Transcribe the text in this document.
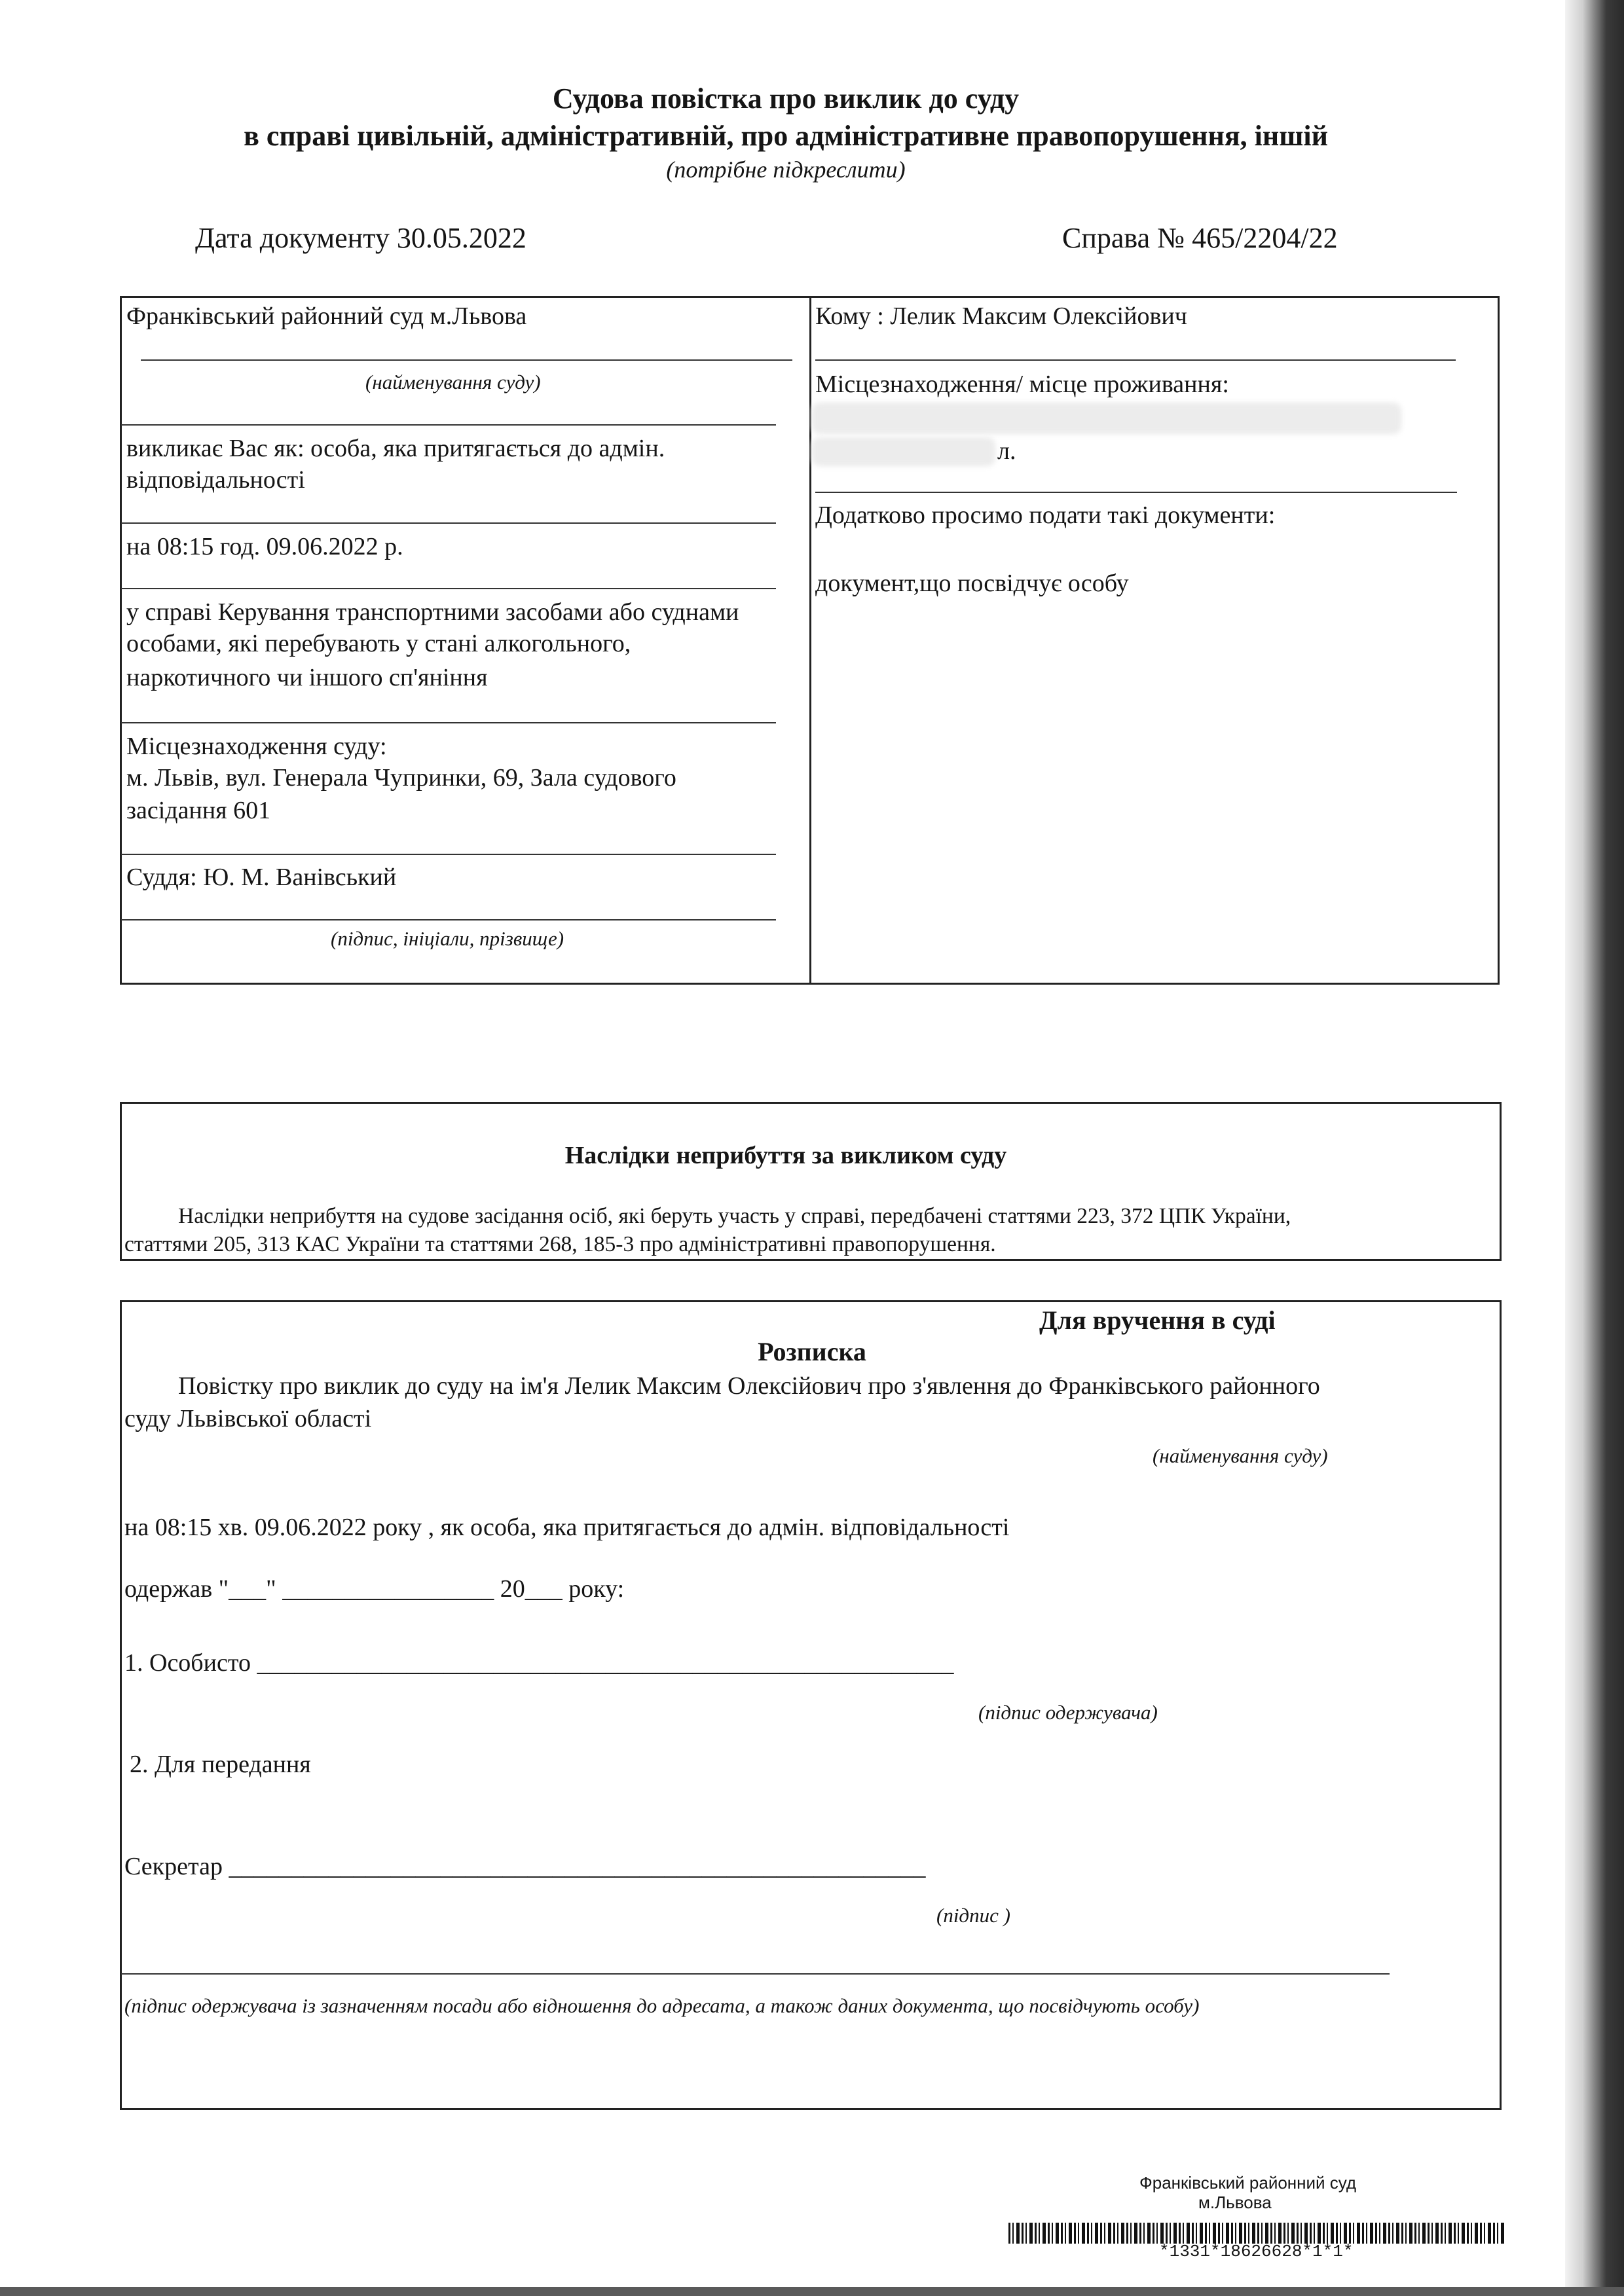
Судова повістка про виклик до суду
в справі цивільній, адміністративній, про адміністративне правопорушення, іншій
(потрібне підкреслити)
Дата документу 30.05.2022	Справа № 465/2204/22
Франківський районний суд м.Львова
(найменування суду)
викликає Вас як: особа, яка притягається до адмін.
відповідальності
на 08:15 год. 09.06.2022 р.
у справі Керування транспортними засобами або суднами
особами, які перебувають у стані алкогольного,
наркотичного чи іншого сп'яніння
Місцезнаходження суду:
м. Львів, вул. Генерала Чупринки, 69, Зала судового
засідання 601
Суддя: Ю. М. Ванівський
(підпис, ініціали, прізвище)
Кому : Лелик Максим Олексійович
Місцезнаходження/ місце проживання:
л.
Додатково просимо подати такі документи:
документ,що посвідчує особу
Наслідки неприбуття за викликом суду
Наслідки неприбуття на судове засідання осіб, які беруть участь у справі, передбачені статтями 223, 372 ЦПК України,
статтями 205, 313 КАС України та статтями 268, 185-3 про адміністративні правопорушення.
Для вручення в суді
Розписка
Повістку про виклик до суду на ім'я Лелик Максим Олексійович про з'явлення до Франківського районного
суду Львівської області
(найменування суду)
на 08:15 хв. 09.06.2022 року , як особа, яка притягається до адмін. відповідальності
одержав "___" _________________ 20___ року:
1. Особисто ________________________________________________________
(підпис одержувача)
2. Для передання
Секретар ________________________________________________________
(підпис )
(підпис одержувача із зазначенням посади або відношення до адресата, а також даних документа, що посвідчують особу)
Франківський районний суд
м.Львова
*1331*18626628*1*1*
